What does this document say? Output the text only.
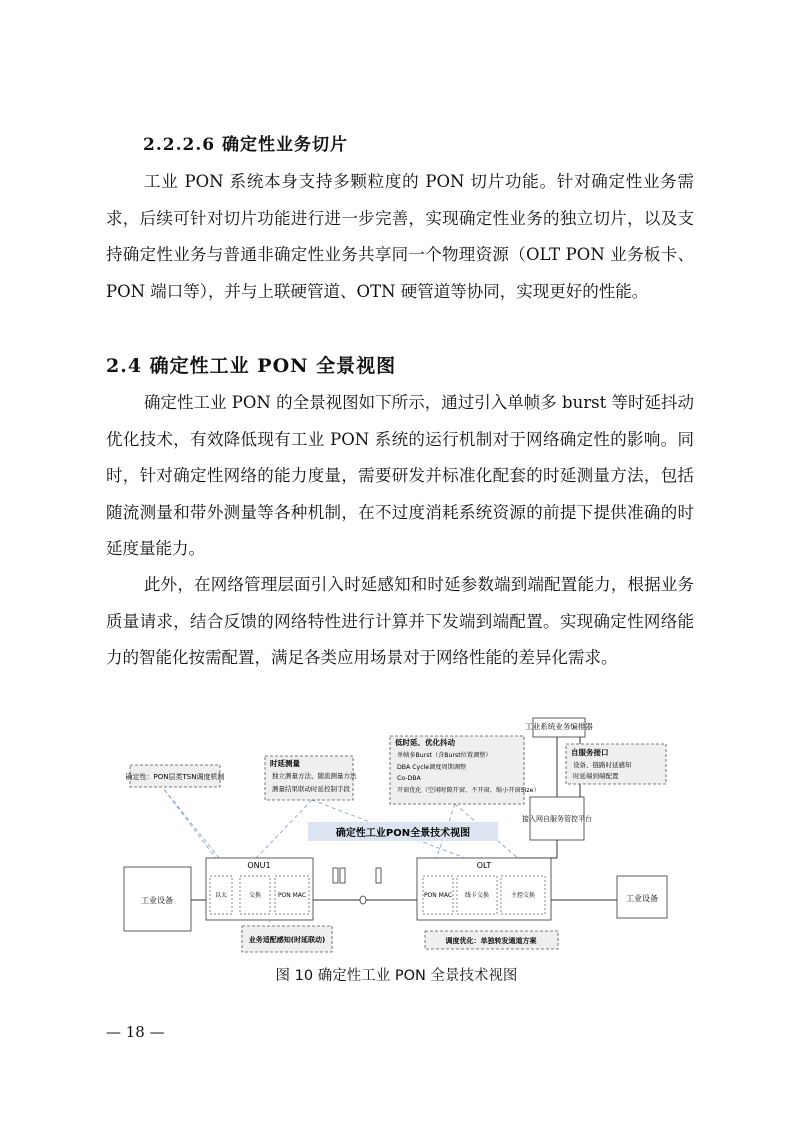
2.2.2.6 确定性业务切片
工业 PON 系统本身支持多颗粒度的 PON 切片功能。针对确定性业务需求，后续可针对切片功能进行进一步完善，实现确定性业务的独立切片，以及支持确定性业务与普通非确定性业务共享同一个物理资源（OLT PON 业务板卡、PON 端口等），并与上联硬管道、OTN 硬管道等协同，实现更好的性能。
2.4 确定性工业 PON 全景视图
确定性工业 PON 的全景视图如下所示，通过引入单帧多 burst 等时延抖动优化技术，有效降低现有工业 PON 系统的运行机制对于网络确定性的影响。同时，针对确定性网络的能力度量，需要研发并标准化配套的时延测量方法，包括随流测量和带外测量等各种机制，在不过度消耗系统资源的前提下提供准确的时延度量能力。
此外，在网络管理层面引入时延感知和时延参数端到端配置能力，根据业务质量请求，结合反馈的网络特性进行计算并下发端到端配置。实现确定性网络能力的智能化按需配置，满足各类应用场景对于网络性能的差异化需求。
工业系统业务编排器
确定性：PON层类TSN调度机制
时延测量
独立测量方法、随流测量方法
测量结果联动时延控制手段
低时延、优化抖动
单帧多Burst（含Burst位置调整）
DBA Cycle调度周期调整
Co-DBA
开窗优化（空闲时隙开窗、不开窗、缩小开窗Size）
自服务接口
设备、链路时延感知
时延端到端配置
接入网自服务管控平台
确定性工业PON全景技术视图
工业设备
ONU1
以太	交换	PON MAC
OLT
PON MAC 线卡交换	主控交换	工业设备
业务适配感知(时延联动)	调度优化：单独转发通道方案
图 10 确定性工业 PON 全景技术视图
— 18 —
